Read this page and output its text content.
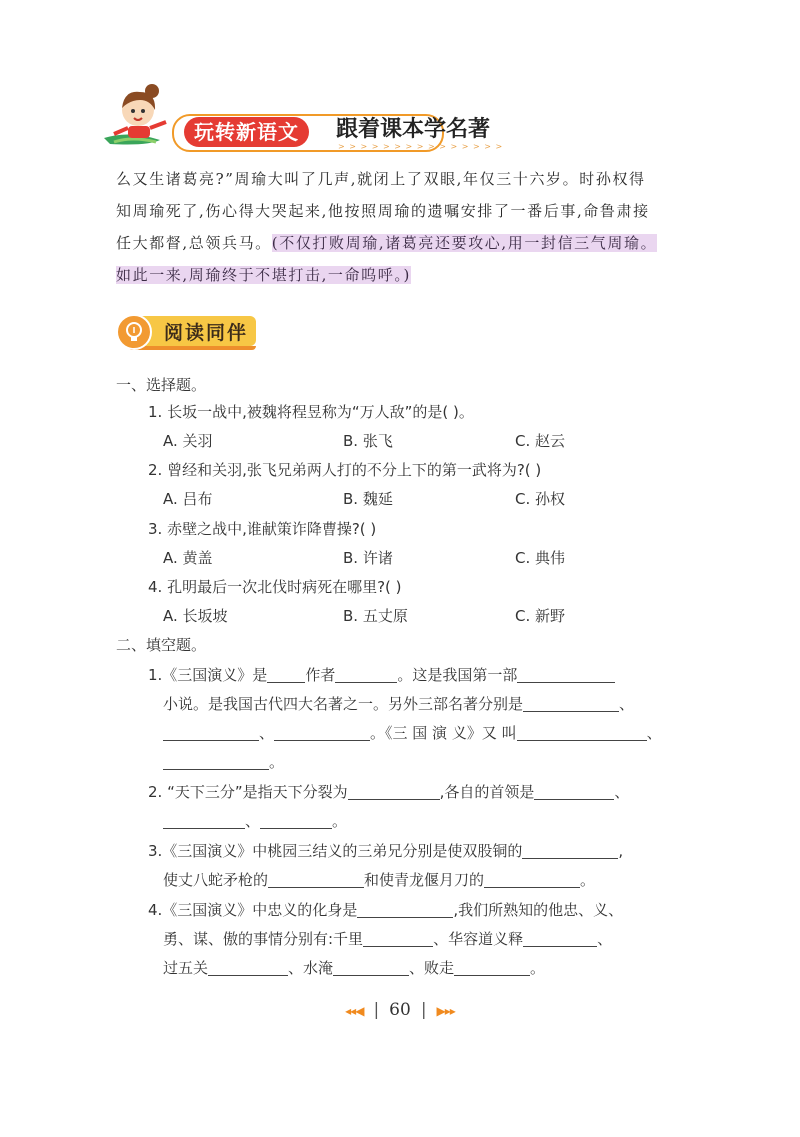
玩转新语文	跟着课本学名著
> > > > > > > > > > > > > > >

么又生诸葛亮?”周瑜大叫了几声,就闭上了双眼,年仅三十六岁。时孙权得

知周瑜死了,伤心得大哭起来,他按照周瑜的遗嘱安排了一番后事,命鲁肃接

任大都督,总领兵马。(不仅打败周瑜,诸葛亮还要攻心,用一封信三气周瑜。

如此一来,周瑜终于不堪打击,一命呜呼。)

阅读同伴
一、选择题。
1. 长坂一战中,被魏将程昱称为“万人敌”的是( )。
A. 关羽	B. 张飞	C. 赵云
2. 曾经和关羽,张飞兄弟两人打的不分上下的第一武将为?( )
A. 吕布	B. 魏延	C. 孙权
3. 赤壁之战中,谁献策诈降曹操?( )
A. 黄盖	B. 许诸	C. 典伟
4. 孔明最后一次北伐时病死在哪里?( )
A. 长坂坡	B. 五丈原	C. 新野
二、填空题。
1.《三国演义》是	作者	。这是我国第一部
小说。是我国古代四大名著之一。另外三部名著分别是	、
、	。《三 国 演 义》又 叫	、
。
2. “天下三分”是指天下分裂为	,各自的首领是	、
、	。
3.《三国演义》中桃园三结义的三弟兄分别是使双股铜的	,
使丈八蛇矛枪的	和使青龙偃月刀的	。
4.《三国演义》中忠义的化身是	,我们所熟知的他忠、义、
勇、谋、傲的事情分别有:千里	、华容道义释	、
过五关	、水淹	、败走	。
◂◂◀ | 60 | ▶▸▸
